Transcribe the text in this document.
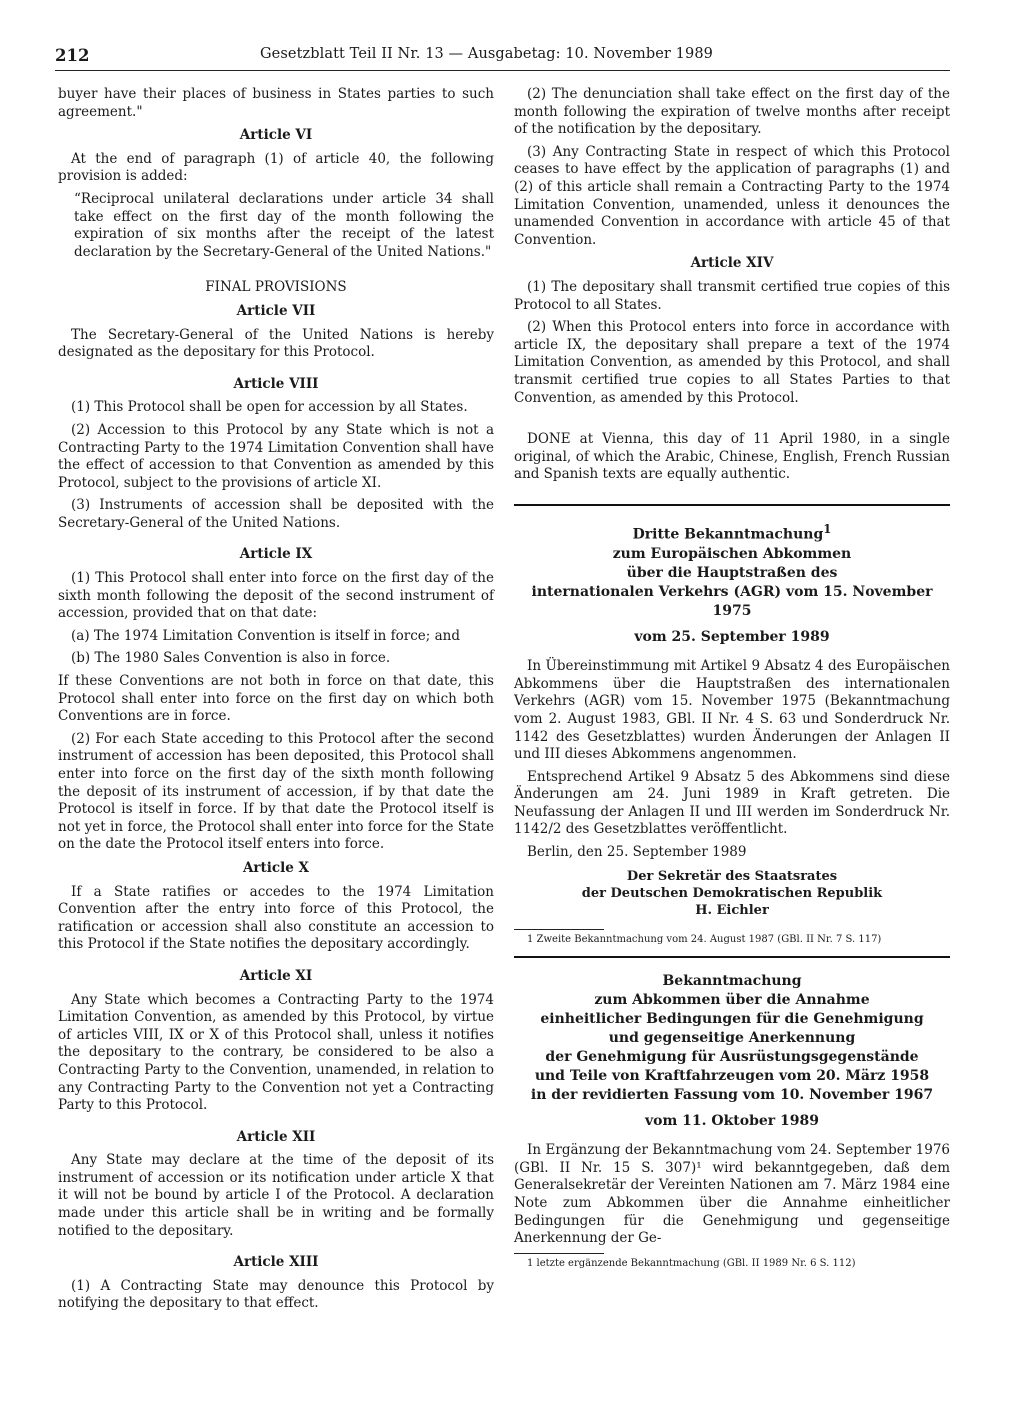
212	Gesetzblatt Teil II Nr. 13 — Ausgabetag: 10. November 1989

buyer have their places of business in States parties to such agreement."

Article VI

At the end of paragraph (1) of article 40, the following provision is added:

“Reciprocal unilateral declarations under article 34 shall take effect on the first day of the month following the expiration of six months after the receipt of the latest declaration by the Secretary-General of the United Nations."

FINAL PROVISIONS
Article VII

The Secretary-General of the United Nations is hereby designated as the depositary for this Protocol.

Article VIII

(1) This Protocol shall be open for accession by all States.

(2) Accession to this Protocol by any State which is not a Contracting Party to the 1974 Limitation Convention shall have the effect of accession to that Convention as amended by this Protocol, subject to the provisions of article XI.

(3) Instruments of accession shall be deposited with the Secretary-General of the United Nations.

Article IX

(1) This Protocol shall enter into force on the first day of the sixth month following the deposit of the second instrument of accession, provided that on that date:

(a) The 1974 Limitation Convention is itself in force; and

(b) The 1980 Sales Convention is also in force.

If these Conventions are not both in force on that date, this Protocol shall enter into force on the first day on which both Conventions are in force.

(2) For each State acceding to this Protocol after the second instrument of accession has been deposited, this Protocol shall enter into force on the first day of the sixth month following the deposit of its instrument of accession, if by that date the Protocol is itself in force. If by that date the Protocol itself is not yet in force, the Protocol shall enter into force for the State on the date the Protocol itself enters into force.

Article X

If a State ratifies or accedes to the 1974 Limitation Convention after the entry into force of this Protocol, the ratification or accession shall also constitute an accession to this Protocol if the State notifies the depositary accordingly.

Article XI

Any State which becomes a Contracting Party to the 1974 Limitation Convention, as amended by this Protocol, by virtue of articles VIII, IX or X of this Protocol shall, unless it notifies the depositary to the contrary, be considered to be also a Contracting Party to the Convention, unamended, in relation to any Contracting Party to the Convention not yet a Contracting Party to this Protocol.

Article XII

Any State may declare at the time of the deposit of its instrument of accession or its notification under article X that it will not be bound by article I of the Protocol. A declaration made under this article shall be in writing and be formally notified to the depositary.

Article XIII

(1) A Contracting State may denounce this Protocol by notifying the depositary to that effect.

(2) The denunciation shall take effect on the first day of the month following the expiration of twelve months after receipt of the notification by the depositary.

(3) Any Contracting State in respect of which this Protocol ceases to have effect by the application of paragraphs (1) and (2) of this article shall remain a Contracting Party to the 1974 Limitation Convention, unamended, unless it denounces the unamended Convention in accordance with article 45 of that Convention.

Article XIV

(1) The depositary shall transmit certified true copies of this Protocol to all States.

(2) When this Protocol enters into force in accordance with article IX, the depositary shall prepare a text of the 1974 Limitation Convention, as amended by this Protocol, and shall transmit certified true copies to all States Parties to that Convention, as amended by this Protocol.

DONE at Vienna, this day of 11 April 1980, in a single original, of which the Arabic, Chinese, English, French Russian and Spanish texts are equally authentic.

Dritte Bekanntmachung$^1$
zum Europäischen Abkommen
über die Hauptstraßen des
internationalen Verkehrs (AGR) vom 15. November 1975
vom 25. September 1989

In Übereinstimmung mit Artikel 9 Absatz 4 des Europäischen Abkommens über die Hauptstraßen des internationalen Verkehrs (AGR) vom 15. November 1975 (Bekanntmachung vom 2. August 1983, GBl. II Nr. 4 S. 63 und Sonderdruck Nr. 1142 des Gesetzblattes) wurden Änderungen der Anlagen II und III dieses Abkommens angenommen.

Entsprechend Artikel 9 Absatz 5 des Abkommens sind diese Änderungen am 24. Juni 1989 in Kraft getreten. Die Neufassung der Anlagen II und III werden im Sonderdruck Nr. 1142/2 des Gesetzblattes veröffentlicht.

Berlin, den 25. September 1989

Der Sekretär des Staatsrates
der Deutschen Demokratischen Republik
H. Eichler

1 Zweite Bekanntmachung vom 24. August 1987 (GBl. II Nr. 7 S. 117)

Bekanntmachung
zum Abkommen über die Annahme
einheitlicher Bedingungen für die Genehmigung
und gegenseitige Anerkennung
der Genehmigung für Ausrüstungsgegenstände
und Teile von Kraftfahrzeugen vom 20. März 1958
in der revidierten Fassung vom 10. November 1967
vom 11. Oktober 1989

In Ergänzung der Bekanntmachung vom 24. September 1976 (GBl. II Nr. 15 S. 307)¹ wird bekanntgegeben, daß dem Generalsekretär der Vereinten Nationen am 7. März 1984 eine Note zum Abkommen über die Annahme einheitlicher Bedingungen für die Genehmigung und gegenseitige Anerkennung der Ge-

1 letzte ergänzende Bekanntmachung (GBl. II 1989 Nr. 6 S. 112)
